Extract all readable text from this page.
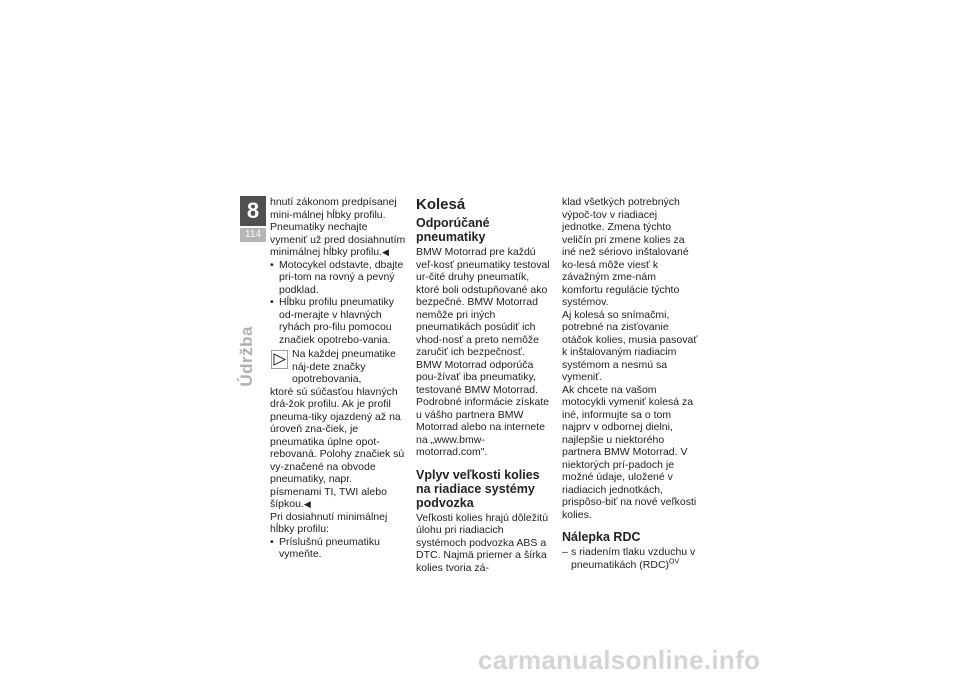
8
114
Údržba

hnutí zákonom predpísanej mini-málnej hĺbky profilu.

Pneumatiky nechajte vymeniť už pred dosiahnutím minimálnej hĺbky profilu.◀

• Motocykel odstavte, dbajte pri-tom na rovný a pevný podklad.

• Hĺbku profilu pneumatiky od-merajte v hlavných ryhách pro-filu pomocou značiek opotrebo-vania.

Na každej pneumatike náj-dete značky opotrebovania,
ktoré sú súčasťou hlavných drá-žok profilu. Ak je profil pneuma-tiky ojazdený až na úroveň zna-čiek, je pneumatika úplne opot-rebovaná. Polohy značiek sú vy-značené na obvode pneumatiky, napr. písmenami TI, TWI alebo šípkou.◀

Pri dosiahnutí minimálnej hĺbky profilu:

• Príslušnú pneumatiku vymeňte.

Kolesá
Odporúčané pneumatiky

BMW Motorrad pre každú veľ-kosť pneumatiky testoval ur-čité druhy pneumatík, ktoré boli odstupňované ako bezpečné. BMW Motorrad nemôže pri iných pneumatikách posúdiť ich vhod-nosť a preto nemôže zaručiť ich bezpečnosť.

BMW Motorrad odporúča pou-žívať iba pneumatiky, testované BMW Motorrad.

Podrobné informácie získate u vášho partnera BMW Motorrad alebo na internete na „www.bmw-motorrad.com".

Vplyv veľkosti kolies na riadiace systémy podvozka

Veľkosti kolies hrajú dôležitú úlohu pri riadiacich systémoch podvozka ABS a DTC. Najmä priemer a šírka kolies tvoria zá-

klad všetkých potrebných výpoč-tov v riadiacej jednotke. Zmena týchto veličín pri zmene kolies za iné než sériovo inštalované ko-lesá môže viesť k závažným zme-nám komfortu regulácie týchto systémov.

Aj kolesá so snímačmi, potrebné na zisťovanie otáčok kolies, musia pasovať k inštalovaným riadiacim systémom a nesmú sa vymeniť.

Ak chcete na vašom motocykli vymeniť kolesá za iné, informujte sa o tom najprv v odbornej dielni, najlepšie u niektorého partnera BMW Motorrad. V niektorých prí-padoch je možné údaje, uložené v riadiacich jednotkách, prispôso-biť na nové veľkosti kolies.

Nálepka RDC

– s riadením tlaku vzduchu v pneumatikách (RDC)$^{OV}$

carmanualsonline.info
